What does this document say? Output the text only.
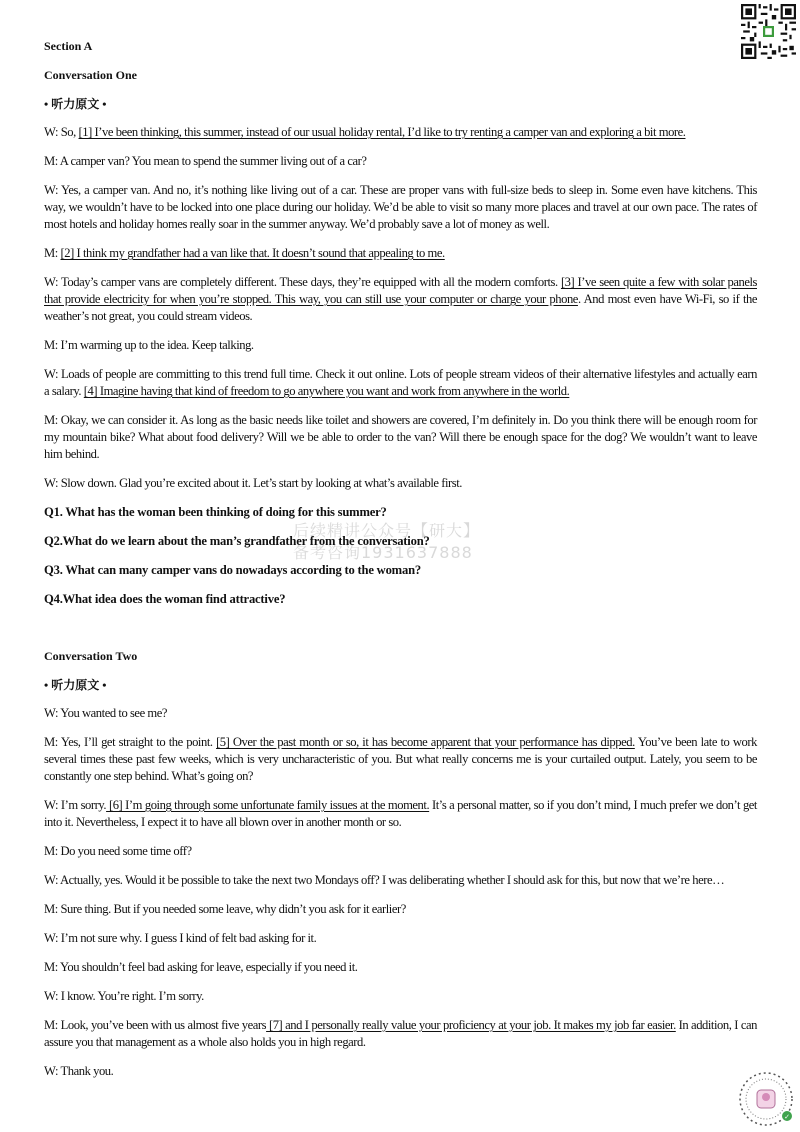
后续精讲公众号【研大】
备考咨询1931637888
Section A
Conversation One
• 听力原文 •

W: So, [1] I’ve been thinking, this summer, instead of our usual holiday rental, I’d like to try renting a camper van and exploring a bit more.

M: A camper van? You mean to spend the summer living out of a car?

W: Yes, a camper van. And no, it’s nothing like living out of a car. These are proper vans with full-size beds to sleep in. Some even have kitchens. This way, we wouldn’t have to be locked into one place during our holiday. We’d be able to visit so many more places and travel at our own pace. The rates of most hotels and holiday homes really soar in the summer anyway. We’d probably save a lot of money as well.

M: [2] I think my grandfather had a van like that. It doesn’t sound that appealing to me.

W: Today’s camper vans are completely different. These days, they’re equipped with all the modern comforts. [3] I’ve seen quite a few with solar panels that provide electricity for when you’re stopped. This way, you can still use your computer or charge your phone. And most even have Wi-Fi, so if the weather’s not great, you could stream videos.

M: I’m warming up to the idea. Keep talking.

W: Loads of people are committing to this trend full time. Check it out online. Lots of people stream videos of their alternative lifestyles and actually earn a salary. [4] Imagine having that kind of freedom to go anywhere you want and work from anywhere in the world.

M: Okay, we can consider it. As long as the basic needs like toilet and showers are covered, I’m definitely in. Do you think there will be enough room for my mountain bike? What about food delivery? Will we be able to order to the van? Will there be enough space for the dog? We wouldn’t want to leave him behind.

W: Slow down. Glad you’re excited about it. Let’s start by looking at what’s available first.

Q1. What has the woman been thinking of doing for this summer?

Q2.What do we learn about the man’s grandfather from the conversation?

Q3. What can many camper vans do nowadays according to the woman?

Q4.What idea does the woman find attractive?

Conversation Two
• 听力原文 •

W: You wanted to see me?

M: Yes, I’ll get straight to the point. [5] Over the past month or so, it has become apparent that your performance has dipped. You’ve been late to work several times these past few weeks, which is very uncharacteristic of you. But what really concerns me is your curtailed output. Lately, you seem to be constantly one step behind. What’s going on?

W: I’m sorry. [6] I’m going through some unfortunate family issues at the moment. It’s a personal matter, so if you don’t mind, I much prefer we don’t get into it. Nevertheless, I expect it to have all blown over in another month or so.

M: Do you need some time off?

W: Actually, yes. Would it be possible to take the next two Mondays off? I was deliberating whether I should ask for this, but now that we’re here…

M: Sure thing. But if you needed some leave, why didn’t you ask for it earlier?

W: I’m not sure why. I guess I kind of felt bad asking for it.

M: You shouldn’t feel bad asking for leave, especially if you need it.

W: I know. You’re right. I’m sorry.

M: Look, you’ve been with us almost five years [7] and I personally really value your proficiency at your job. It makes my job far easier. In addition, I can assure you that management as a whole also holds you in high regard.

W: Thank you.

✓
